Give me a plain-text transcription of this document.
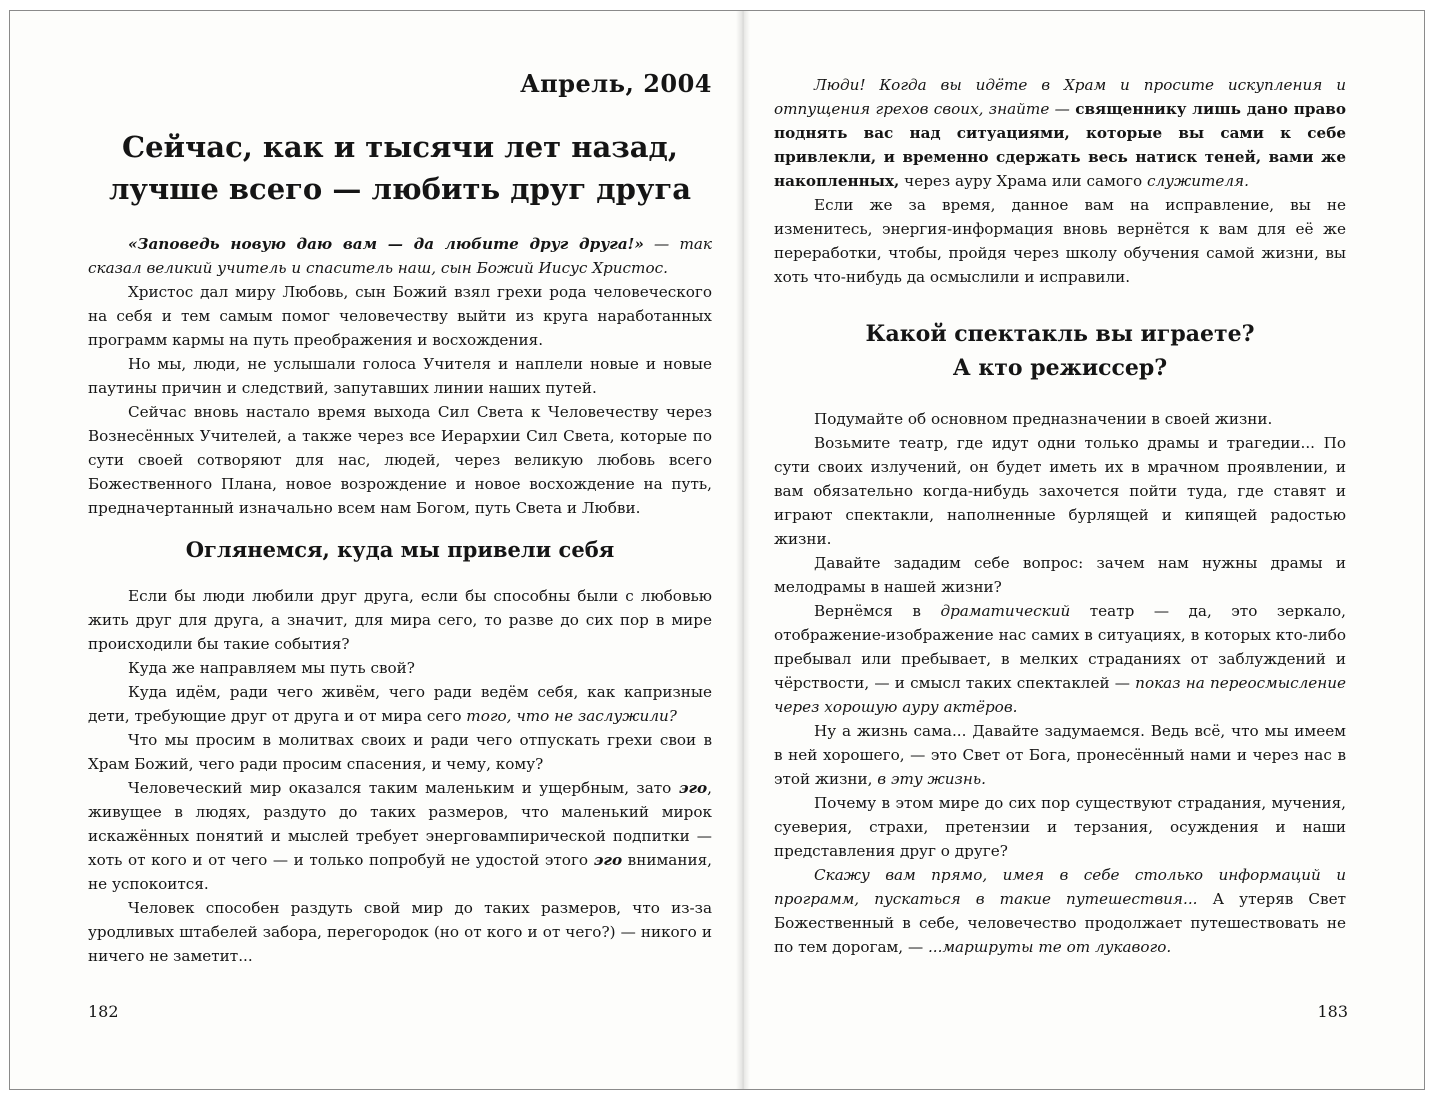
Апрель, 2004
Сейчас, как и тысячи лет назад,
лучше всего — любить друг друга

«Заповедь новую даю вам — да любите друг друга!» — так сказал великий учитель и спаситель наш, сын Божий Иисус Христос.

Христос дал миру Любовь, сын Божий взял грехи рода человеческого на себя и тем самым помог человечеству выйти из круга наработанных программ кармы на путь преображения и восхождения.

Но мы, люди, не услышали голоса Учителя и наплели новые и новые паутины причин и следствий, запутавших линии наших путей.

Сейчас вновь настало время выхода Сил Света к Человечеству через Вознесённых Учителей, а также через все Иерархии Сил Света, которые по сути своей сотворяют для нас, людей, через великую любовь всего Божественного Плана, новое возрождение и новое восхождение на путь, предначертанный изначально всем нам Богом, путь Света и Любви.

Оглянемся, куда мы привели себя

Если бы люди любили друг друга, если бы способны были с любовью жить друг для друга, а значит, для мира сего, то разве до сих пор в мире происходили бы такие события?

Куда же направляем мы путь свой?

Куда идём, ради чего живём, чего ради ведём себя, как капризные дети, требующие друг от друга и от мира сего того, что не заслужили?

Что мы просим в молитвах своих и ради чего отпускать грехи свои в Храм Божий, чего ради просим спасения, и чему, кому?

Человеческий мир оказался таким маленьким и ущербным, зато эго, живущее в людях, раздуто до таких размеров, что маленький мирок искажённых понятий и мыслей требует энерговампирической подпитки — хоть от кого и от чего — и только попробуй не удостой этого эго внимания, не успокоится.

Человек способен раздуть свой мир до таких размеров, что из-за уродливых штабелей забора, перегородок (но от кого и от чего?) — никого и ничего не заметит...

182

Люди! Когда вы идёте в Храм и просите искупления и отпущения грехов своих, знайте — священнику лишь дано право поднять вас над ситуациями, которые вы сами к себе привлекли, и временно сдержать весь натиск теней, вами же накопленных, через ауру Храма или самого служителя.

Если же за время, данное вам на исправление, вы не изменитесь, энергия-информация вновь вернётся к вам для её же переработки, чтобы, пройдя через школу обучения самой жизни, вы хоть что-нибудь да осмыслили и исправили.

Какой спектакль вы играете?
А кто режиссер?

Подумайте об основном предназначении в своей жизни.

Возьмите театр, где идут одни только драмы и трагедии... По сути своих излучений, он будет иметь их в мрачном проявлении, и вам обязательно когда-нибудь захочется пойти туда, где ставят и играют спектакли, наполненные бурлящей и кипящей радостью жизни.

Давайте зададим себе вопрос: зачем нам нужны драмы и мелодрамы в нашей жизни?

Вернёмся в драматический театр — да, это зеркало, отображение-изображение нас самих в ситуациях, в которых кто-либо пребывал или пребывает, в мелких страданиях от заблуждений и чёрствости, — и смысл таких спектаклей — показ на переосмысление через хорошую ауру актёров.

Ну а жизнь сама... Давайте задумаемся. Ведь всё, что мы имеем в ней хорошего, — это Свет от Бога, пронесённый нами и через нас в этой жизни, в эту жизнь.

Почему в этом мире до сих пор существуют страдания, мучения, суеверия, страхи, претензии и терзания, осуждения и наши представления друг о друге?

Скажу вам прямо, имея в себе столько информаций и программ, пускаться в такие путешествия... А утеряв Свет Божественный в себе, человечество продолжает путешествовать не по тем дорогам, — ...маршруты те от лукавого.

183
